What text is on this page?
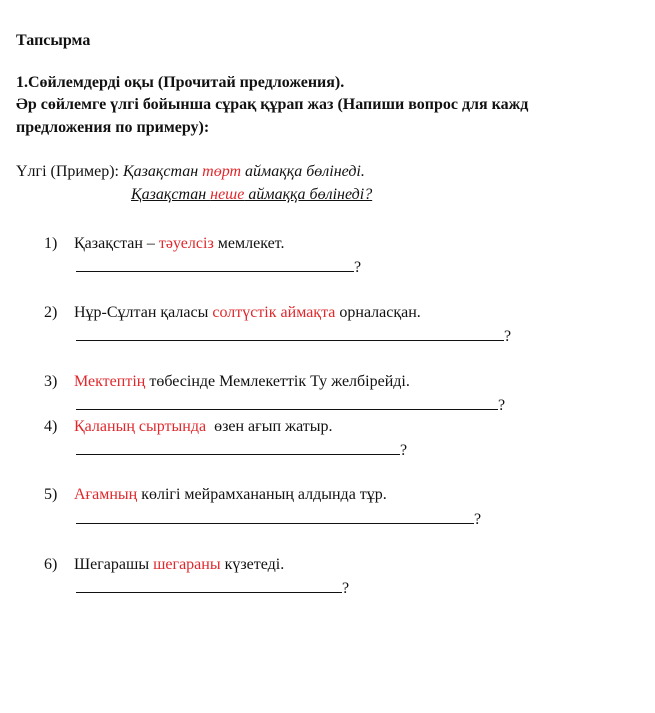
Тапсырма
1.Сөйлемдерді оқы (Прочитай предложения).
Әр сөйлемге үлгі бойынша сұрақ құрап жаз (Напиши вопрос для кажд
предложения по примеру):
Үлгі (Пример): Қазақстан төрт аймаққа бөлінеді.
Қазақстан неше аймаққа бөлінеді?
1) Қазақстан – тәуелсіз мемлекет.
?
2) Нұр-Сұлтан қаласы солтүстік аймақта орналасқан.
?
3) Мектептің төбесінде Мемлекеттік Ту желбірейді.
?
4) Қаланың сыртында  өзен ағып жатыр.
?
5) Ағамның көлігі мейрамхананың алдында тұр.
?
6) Шегарашы шегараны күзетеді.
?
